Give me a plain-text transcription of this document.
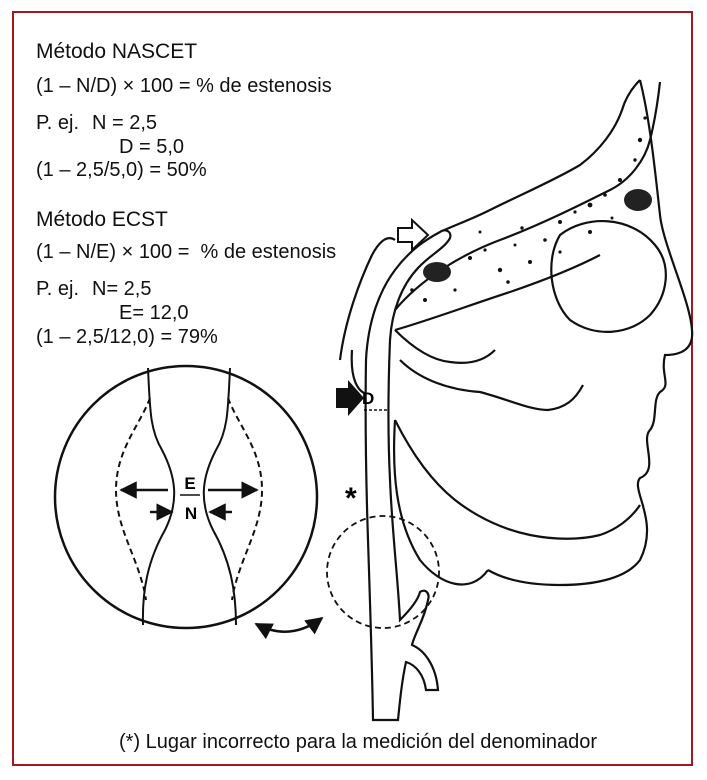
Método NASCET
(1 – N/D) × 100 = % de estenosis
P. ej. N = 2,5
D = 5,0
(1 – 2,5/5,0) = 50%
Método ECST
(1 – N/E) × 100 =  % de estenosis
P. ej. N= 2,5
E= 12,0
(1 – 2,5/12,0) = 79%
(*) Lugar incorrecto para la medición del denominador
E
N
D
*
